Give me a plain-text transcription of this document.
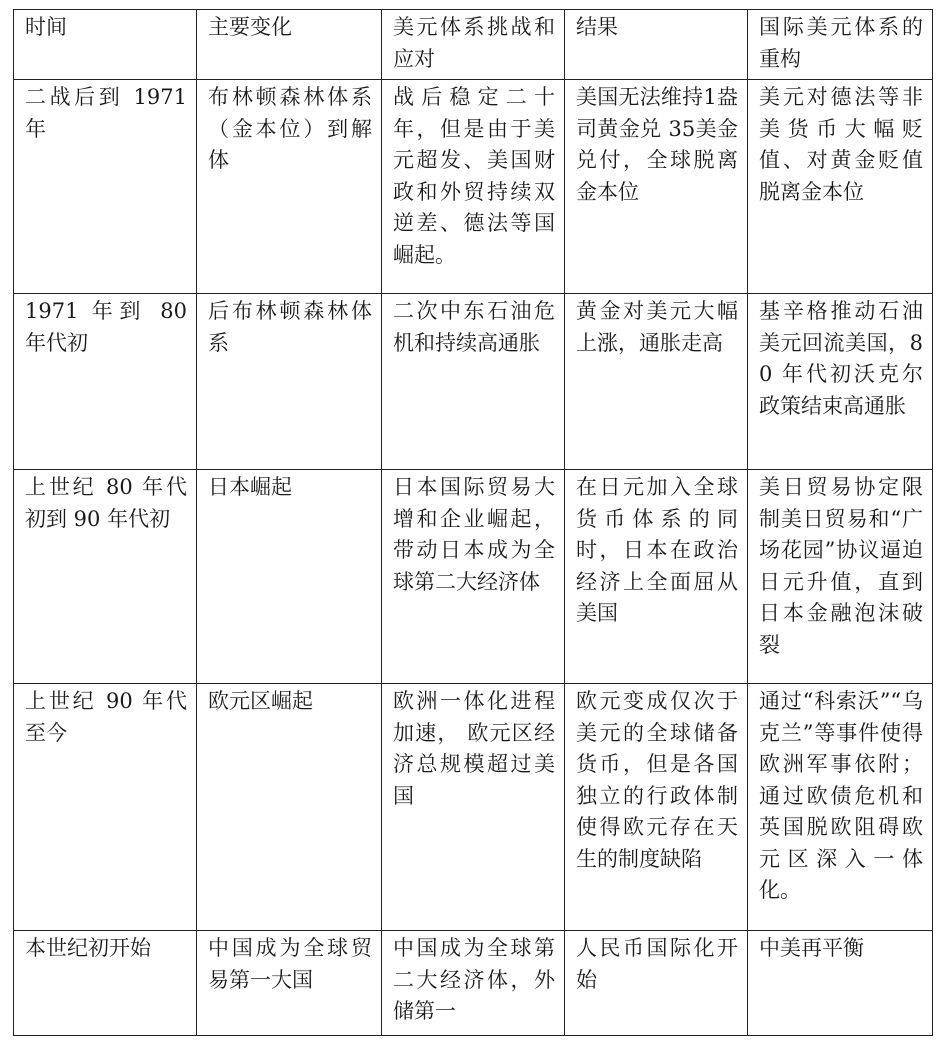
时间	主要变化	美元体系挑战和应对	结果	国际美元体系的重构
二战后到 1971年	布林顿森林体系（金本位）到解体	战后稳定二十年，但是由于美元超发、美国财政和外贸持续双逆差、德法等国崛起。	美国无法维持1盎司黄金兑 35美金兑付，全球脱离金本位	美元对德法等非美货币大幅贬值、对黄金贬值脱离金本位
1971 年到 80 年代初	后布林顿森林体系	二次中东石油危机和持续高通胀	黄金对美元大幅上涨，通胀走高	基辛格推动石油美元回流美国，80 年代初沃克尔政策结束高通胀
上世纪 80 年代初到 90 年代初	日本崛起	日本国际贸易大增和企业崛起，带动日本成为全球第二大经济体	在日元加入全球货币体系的同时，日本在政治经济上全面屈从美国	美日贸易协定限制美日贸易和“广场花园”协议逼迫日元升值，直到日本金融泡沫破裂
上世纪 90 年代至今	欧元区崛起	欧洲一体化进程加速， 欧元区经济总规模超过美国	欧元变成仅次于美元的全球储备货币，但是各国独立的行政体制使得欧元存在天生的制度缺陷	通过“科索沃”“乌克兰”等事件使得欧洲军事依附；通过欧债危机和英国脱欧阻碍欧元区深入一体化。
本世纪初开始	中国成为全球贸易第一大国	中国成为全球第二大经济体，外储第一	人民币国际化开始	中美再平衡
